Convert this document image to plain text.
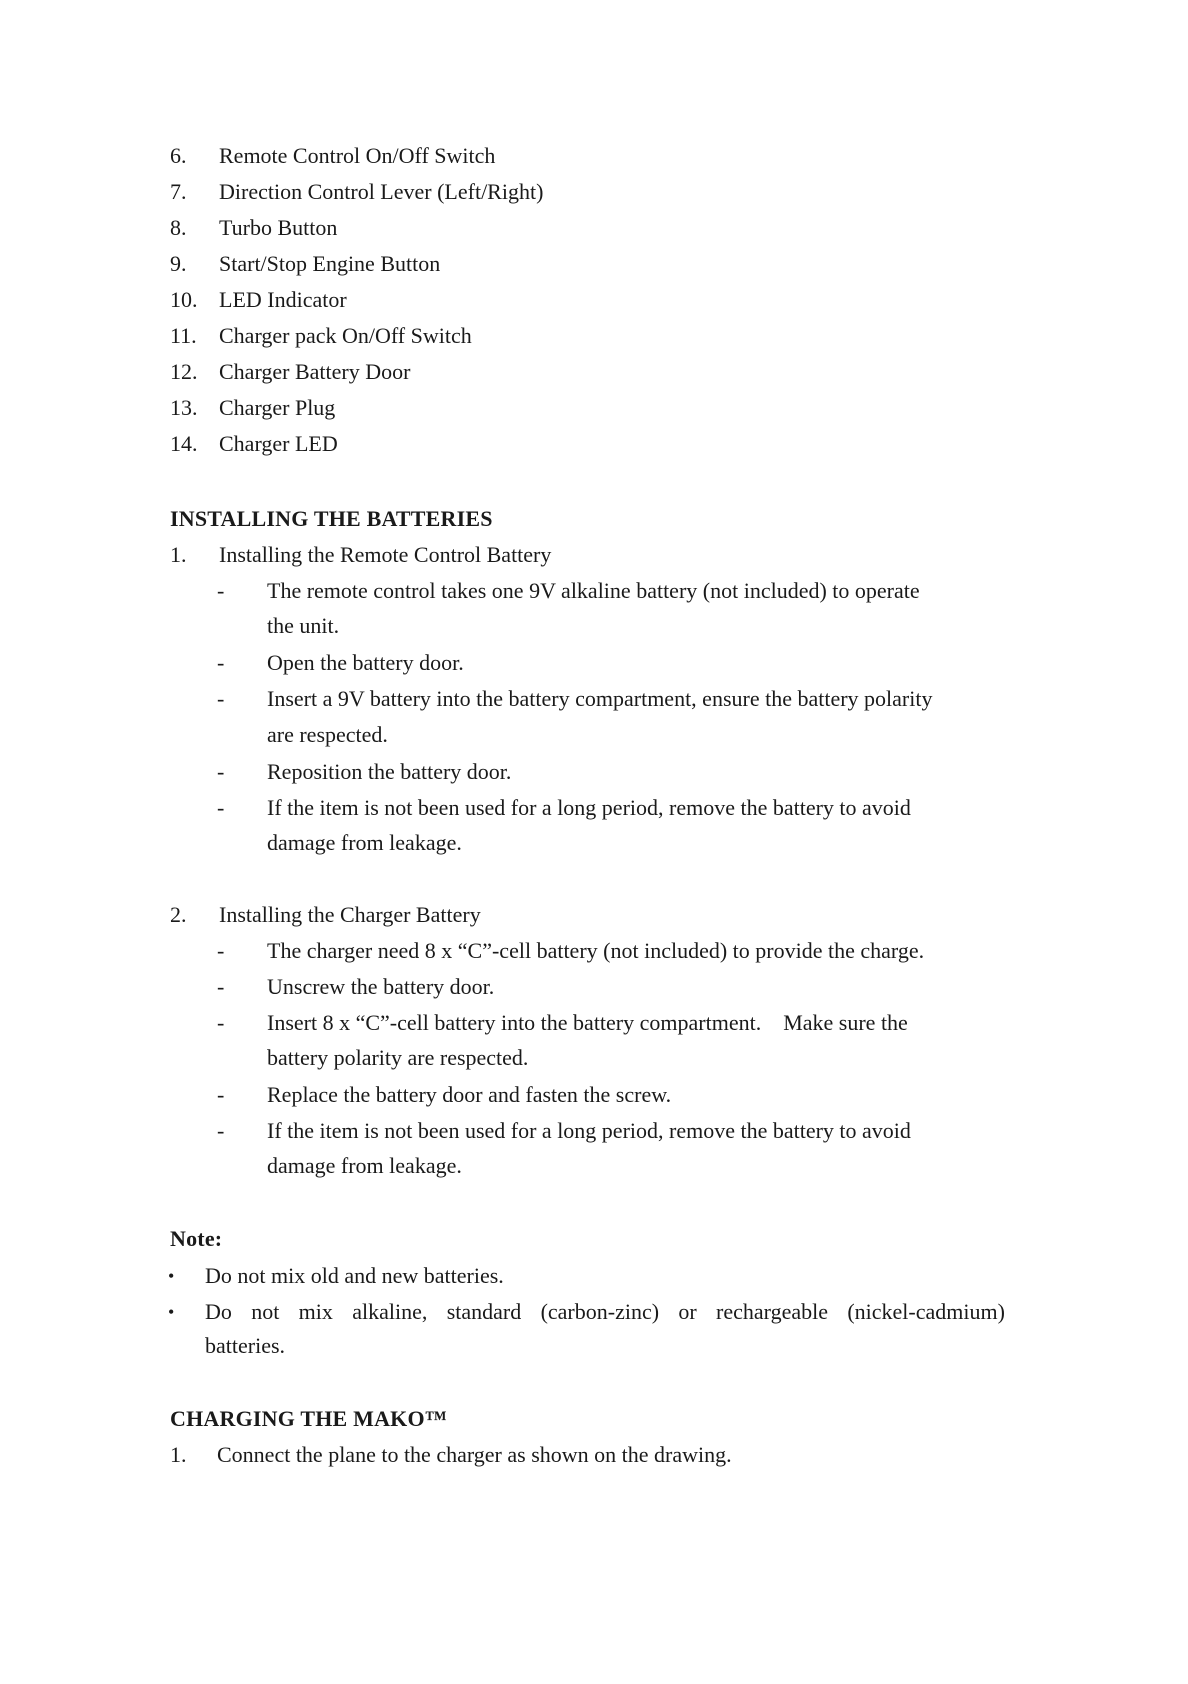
6. Remote Control On/Off Switch
7. Direction Control Lever (Left/Right)
8. Turbo Button
9. Start/Stop Engine Button
10. LED Indicator
11. Charger pack On/Off Switch
12. Charger Battery Door
13. Charger Plug
14. Charger LED
INSTALLING THE BATTERIES
1. Installing the Remote Control Battery
- The remote control takes one 9V alkaline battery (not included) to operate
the unit.
- Open the battery door.
- Insert a 9V battery into the battery compartment, ensure the battery polarity
are respected.
- Reposition the battery door.
- If the item is not been used for a long period, remove the battery to avoid
damage from leakage.
2. Installing the Charger Battery
- The charger need 8 x “C”-cell battery (not included) to provide the charge.
- Unscrew the battery door.
- Insert 8 x “C”-cell battery into the battery compartment.    Make sure the
battery polarity are respected.
- Replace the battery door and fasten the screw.
- If the item is not been used for a long period, remove the battery to avoid
damage from leakage.
Note:
• Do not mix old and new batteries.
• Do not mix alkaline, standard (carbon-zinc) or rechargeable (nickel-cadmium)
batteries.
CHARGING THE MAKO™
1. Connect the plane to the charger as shown on the drawing.
